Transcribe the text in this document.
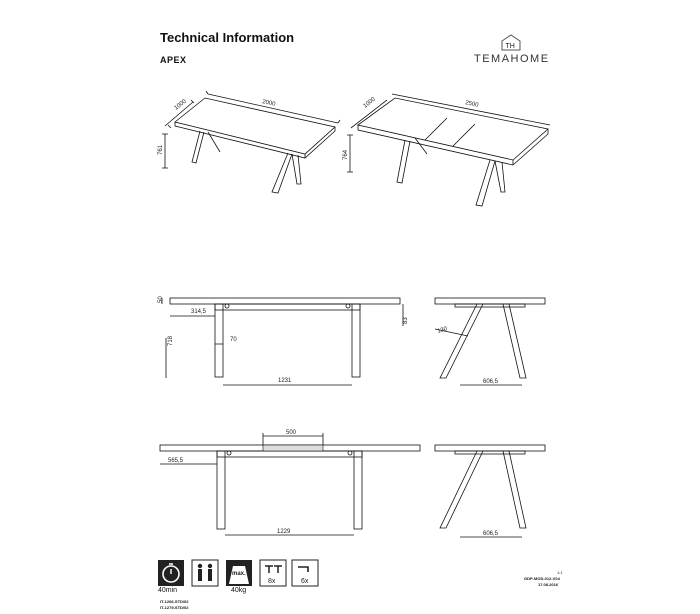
Technical Information
APEX
TH
TEMAHOME
1000	2000
761
1000	2500
764
50
314,5
70
718
83
1231
130
606,5
500
565,5
1229	606,5
40min
max.
40kg
8x	6x
IT-1266-STD/02
IT-1279-STD/02
1:1
GDP-MOD-012-V04
17.08.2016
